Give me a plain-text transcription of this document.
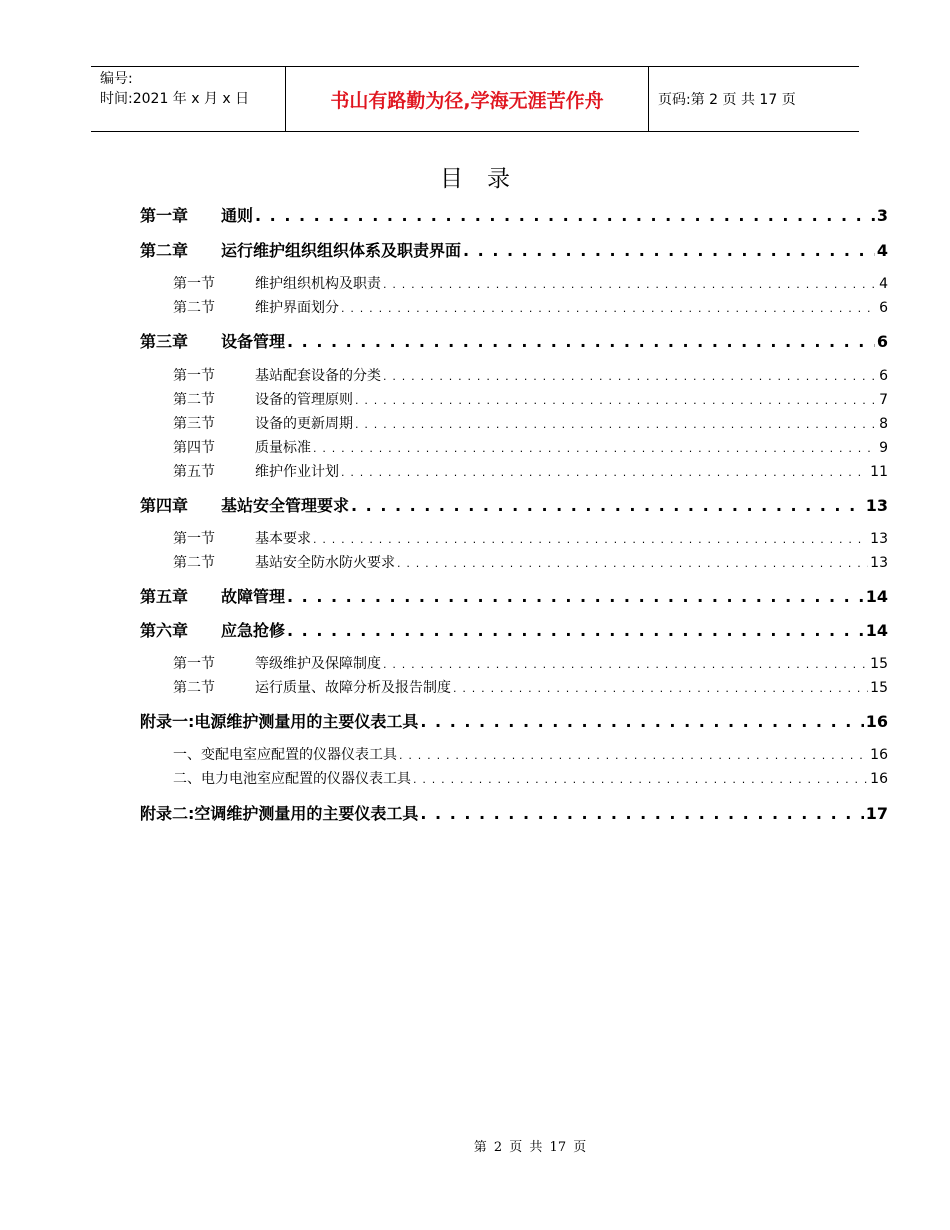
编号:
时间:2021 年 x 月 x 日	书山有路勤为径,学海无涯苦作舟	页码:第 2 页 共 17 页
目录
第一章	通则 . . .	3
第二章	运行维护组织组织体系及职责界面 . . .	4
第一节	维护组织机构及职责 . . .	4
第二节	维护界面划分 . . .	6
第三章	设备管理 . . .	6
第一节	基站配套设备的分类 . . .	6
第二节	设备的管理原则 . . .	7
第三节	设备的更新周期 . . .	8
第四节	质量标准 . . .	9
第五节	维护作业计划 . . .	11
第四章	基站安全管理要求 . . .	13
第一节	基本要求 . . .	13
第二节	基站安全防水防火要求 . . .	13
第五章	故障管理 . . .	14
第六章	应急抢修 . . .	14
第一节	等级维护及保障制度 . . .	15
第二节	运行质量、故障分析及报告制度 . . .	15
附录一:电源维护测量用的主要仪表工具 . . .	16
一、变配电室应配置的仪器仪表工具 . . .	16
二、电力电池室应配置的仪器仪表工具 . . .	16
附录二:空调维护测量用的主要仪表工具 . . .	17
第 2 页 共 17 页
